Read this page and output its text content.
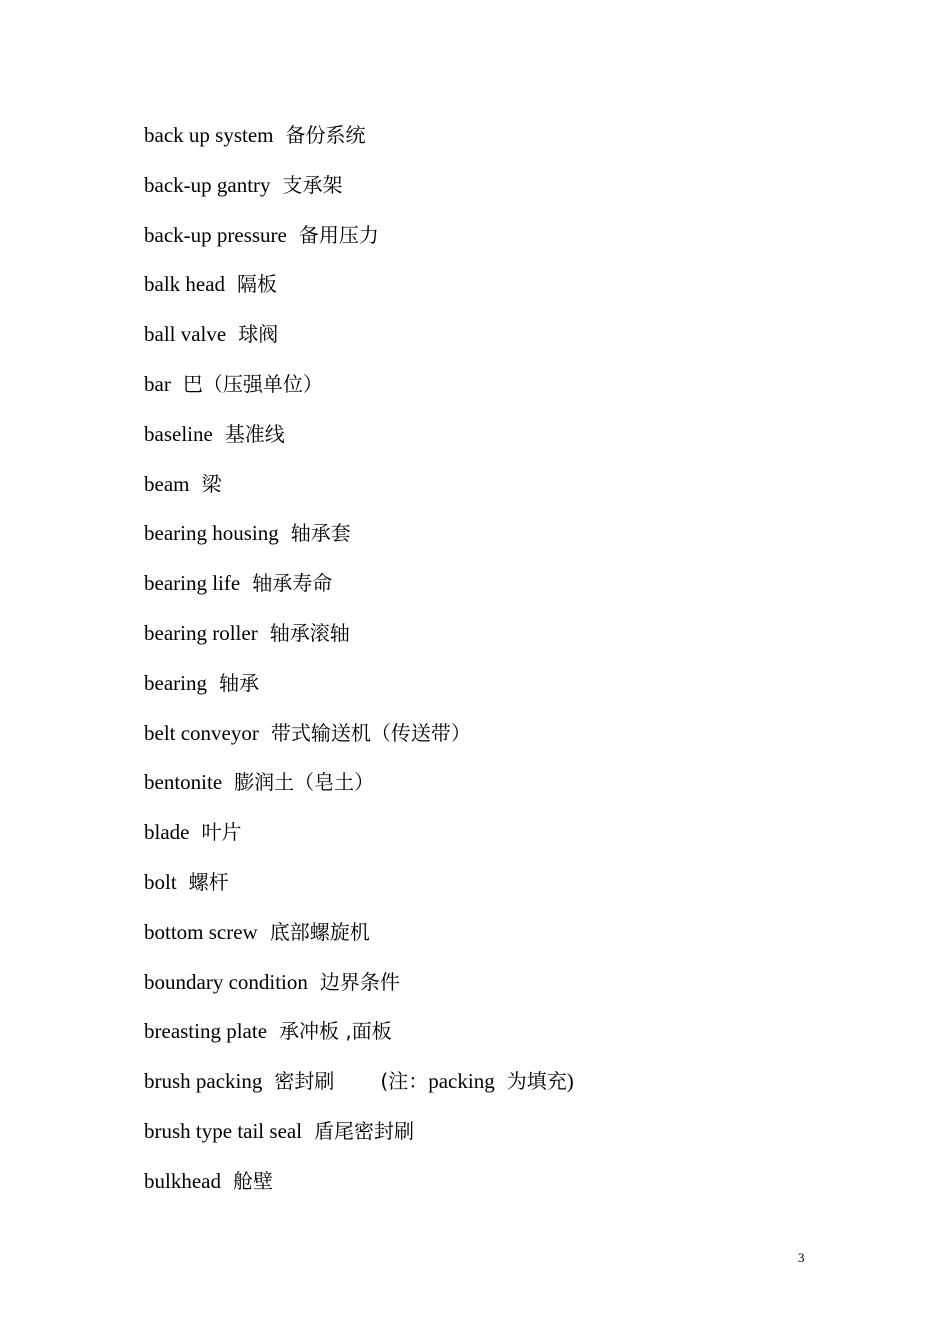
back up system 备份系统
back-up gantry 支承架
back-up pressure 备用压力
balk head 隔板
ball valve 球阀
bar 巴（压强单位）
baseline 基准线
beam 梁
bearing housing 轴承套
bearing life 轴承寿命
bearing roller 轴承滚轴
bearing 轴承
belt conveyor 带式输送机（传送带）
bentonite 膨润土（皂土）
blade 叶片
bolt 螺杆
bottom screw 底部螺旋机
boundary condition 边界条件
breasting plate 承冲板 ,面板
brush packing 密封刷 (注：packing 为填充)
brush type tail seal 盾尾密封刷
bulkhead 舱壁
3
